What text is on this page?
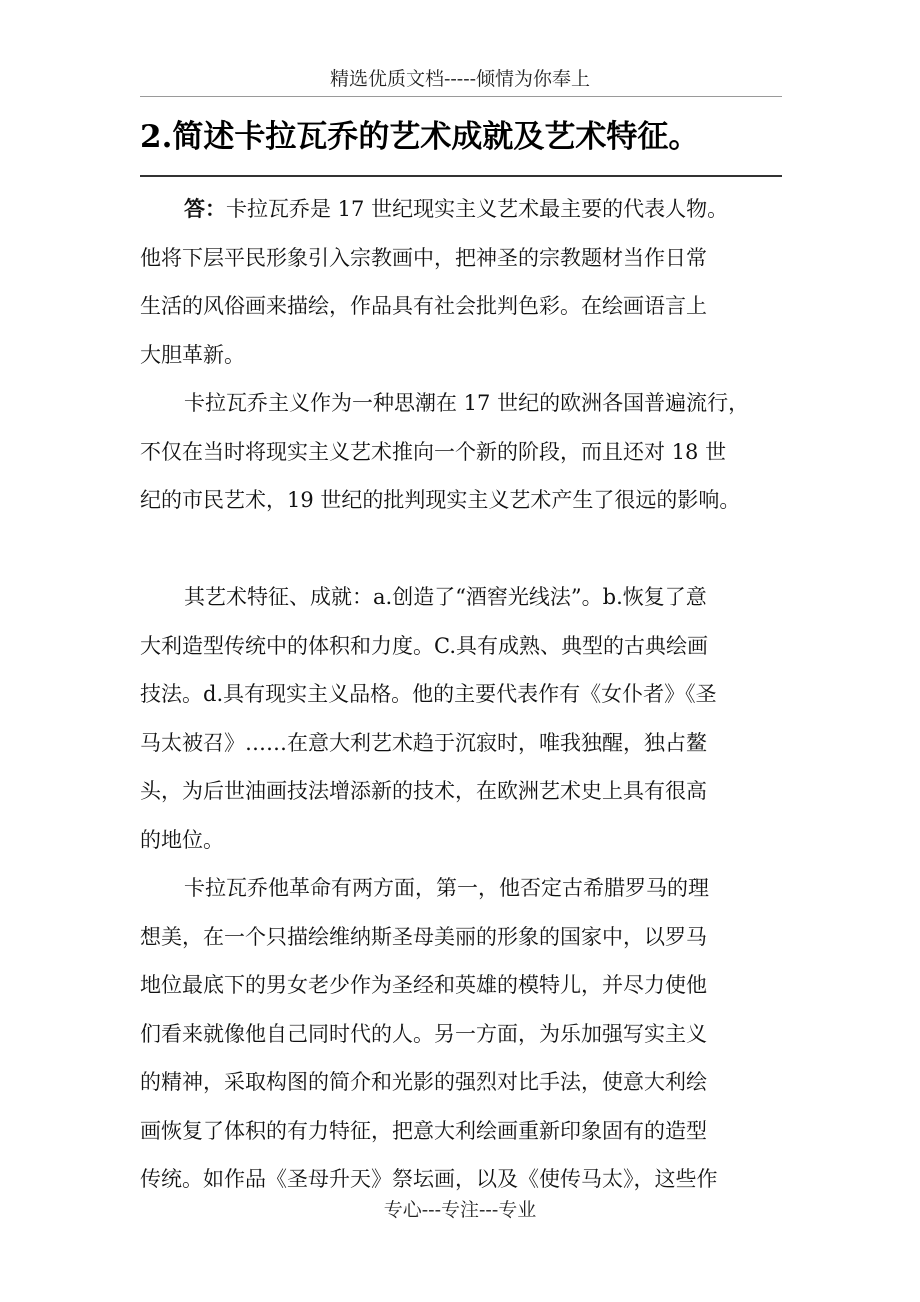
精选优质文档-----倾情为你奉上
2.简述卡拉瓦乔的艺术成就及艺术特征。
答：卡拉瓦乔是 17 世纪现实主义艺术最主要的代表人物。
他将下层平民形象引入宗教画中，把神圣的宗教题材当作日常
生活的风俗画来描绘，作品具有社会批判色彩。在绘画语言上
大胆革新。
卡拉瓦乔主义作为一种思潮在 17 世纪的欧洲各国普遍流行，
不仅在当时将现实主义艺术推向一个新的阶段，而且还对 18 世
纪的市民艺术，19 世纪的批判现实主义艺术产生了很远的影响。
其艺术特征、成就：a.创造了“酒窖光线法”。b.恢复了意
大利造型传统中的体积和力度。C.具有成熟、典型的古典绘画
技法。d.具有现实主义品格。他的主要代表作有《女仆者》《圣
马太被召》……在意大利艺术趋于沉寂时，唯我独醒，独占鳌
头，为后世油画技法增添新的技术，在欧洲艺术史上具有很高
的地位。
卡拉瓦乔他革命有两方面，第一，他否定古希腊罗马的理
想美，在一个只描绘维纳斯圣母美丽的形象的国家中，以罗马
地位最底下的男女老少作为圣经和英雄的模特儿，并尽力使他
们看来就像他自己同时代的人。另一方面，为乐加强写实主义
的精神，采取构图的简介和光影的强烈对比手法，使意大利绘
画恢复了体积的有力特征，把意大利绘画重新印象固有的造型
传统。如作品《圣母升天》祭坛画，以及《使传马太》，这些作
专心---专注---专业
